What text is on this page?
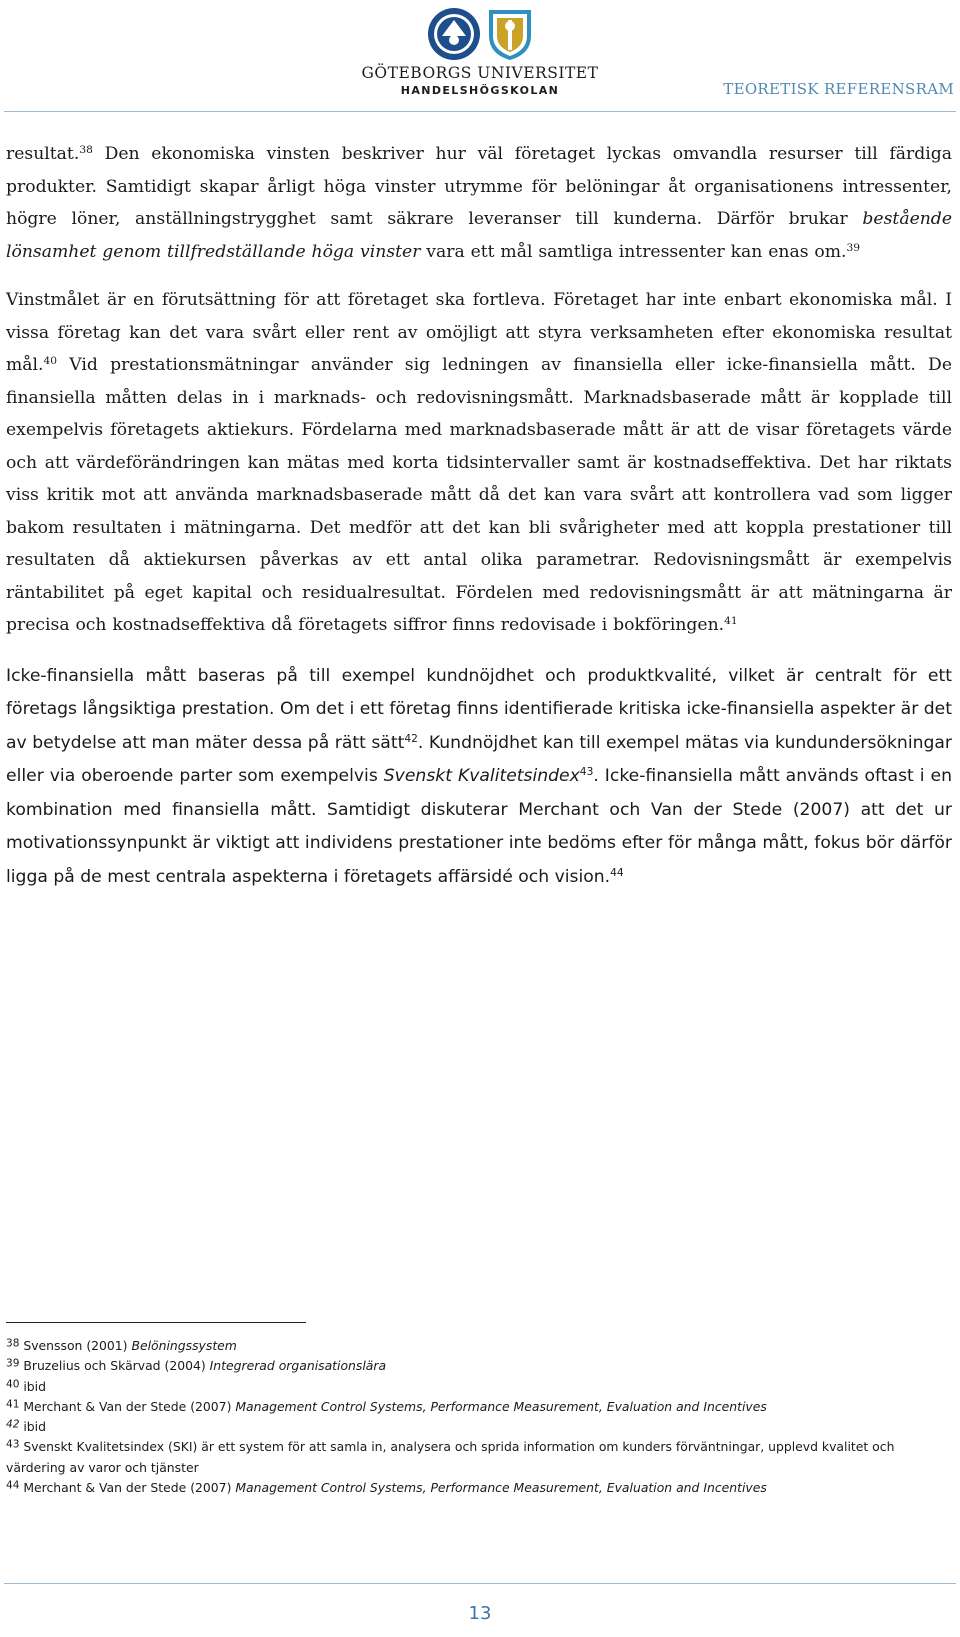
GÖTEBORGS UNIVERSITET
HANDELSHÖGSKOLAN	TEORETISK REFERENSRAM

resultat.$^{38}$ Den ekonomiska vinsten beskriver hur väl företaget lyckas omvandla resurser till färdiga produkter. Samtidigt skapar årligt höga vinster utrymme för belöningar åt organisationens intressenter, högre löner, anställningstrygghet samt säkrare leveranser till kunderna. Därför brukar bestående lönsamhet genom tillfredställande höga vinster vara ett mål samtliga intressenter kan enas om.$^{39}$

Vinstmålet är en förutsättning för att företaget ska fortleva. Företaget har inte enbart ekonomiska mål. I vissa företag kan det vara svårt eller rent av omöjligt att styra verksamheten efter ekonomiska resultat mål.$^{40}$ Vid prestationsmätningar använder sig ledningen av finansiella eller icke-finansiella mått. De finansiella måtten delas in i marknads- och redovisningsmått. Marknadsbaserade mått är kopplade till exempelvis företagets aktiekurs. Fördelarna med marknadsbaserade mått är att de visar företagets värde och att värdeförändringen kan mätas med korta tidsintervaller samt är kostnadseffektiva. Det har riktats viss kritik mot att använda marknadsbaserade mått då det kan vara svårt att kontrollera vad som ligger bakom resultaten i mätningarna. Det medför att det kan bli svårigheter med att koppla prestationer till resultaten då aktiekursen påverkas av ett antal olika parametrar. Redovisningsmått är exempelvis räntabilitet på eget kapital och residualresultat. Fördelen med redovisningsmått är att mätningarna är precisa och kostnadseffektiva då företagets siffror finns redovisade i bokföringen.$^{41}$

Icke-finansiella mått baseras på till exempel kundnöjdhet och produktkvalité, vilket är centralt för ett företags långsiktiga prestation. Om det i ett företag finns identifierade kritiska icke-finansiella aspekter är det av betydelse att man mäter dessa på rätt sätt$^{42}$. Kundnöjdhet kan till exempel mätas via kundundersökningar eller via oberoende parter som exempelvis Svenskt Kvalitetsindex$^{43}$. Icke-finansiella mått används oftast i en kombination med finansiella mått. Samtidigt diskuterar Merchant och Van der Stede (2007) att det ur motivationssynpunkt är viktigt att individens prestationer inte bedöms efter för många mått, fokus bör därför ligga på de mest centrala aspekterna i företagets affärsidé och vision.$^{44}$

$^{38}$ Svensson (2001) Belöningssystem

$^{39}$ Bruzelius och Skärvad (2004) Integrerad organisationslära

$^{40}$ ibid

$^{41}$ Merchant & Van der Stede (2007) Management Control Systems, Performance Measurement, Evaluation and Incentives

$^{42}$ ibid

$^{43}$ Svenskt Kvalitetsindex (SKI) är ett system för att samla in, analysera och sprida information om kunders förväntningar, upplevd kvalitet och värdering av varor och tjänster

$^{44}$ Merchant & Van der Stede (2007) Management Control Systems, Performance Measurement, Evaluation and Incentives

13
